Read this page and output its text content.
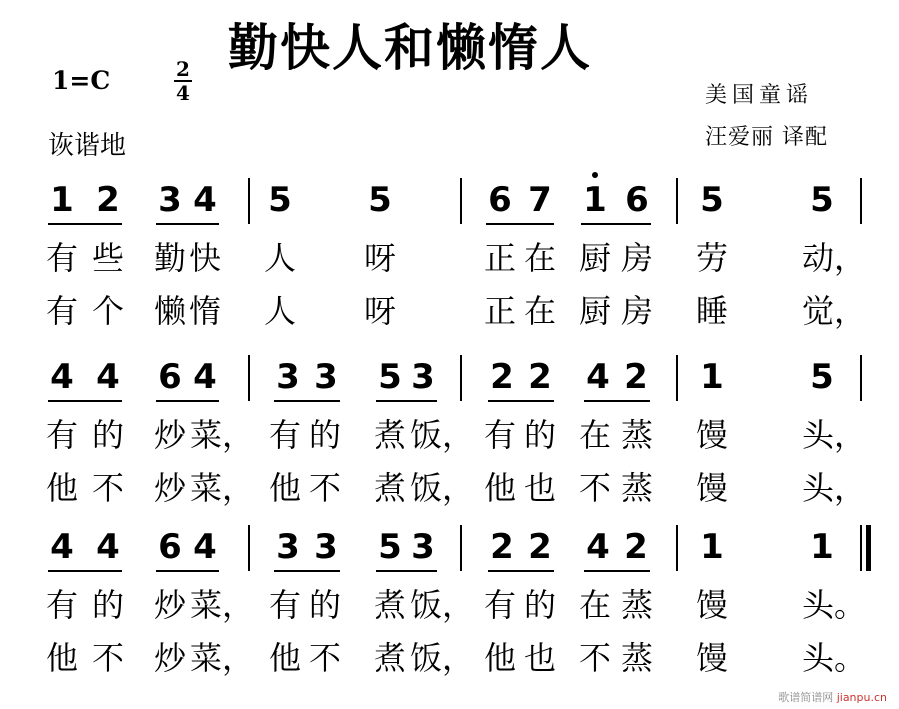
勤快人和懒惰人
1=C	2
4
诙谐地
美国童谣
汪爱丽 译配
1 2 3 4 5 5	6 7 1 6 5	5
有 些 勤 快 人 呀	正 在 厨 房 劳 动，
有 个 懒 惰 人 呀	正 在 厨 房 睡 觉，
4 4 6 4 3 3 5 3 2 2 4 2 1	5
有 的 炒 菜， 有 的 煮 饭， 有 的 在 蒸 馒 头，
他 不 炒 菜， 他 不 煮 饭， 他 也 不 蒸 馒 头，
4 4 6 4 3 3 5 3 2 2 4 2 1	1
有 的 炒 菜， 有 的 煮 饭， 有 的 在 蒸 馒 头。
他 不 炒 菜， 他 不 煮 饭， 他 也 不 蒸 馒 头。
歌谱简谱网 jianpu.cn
